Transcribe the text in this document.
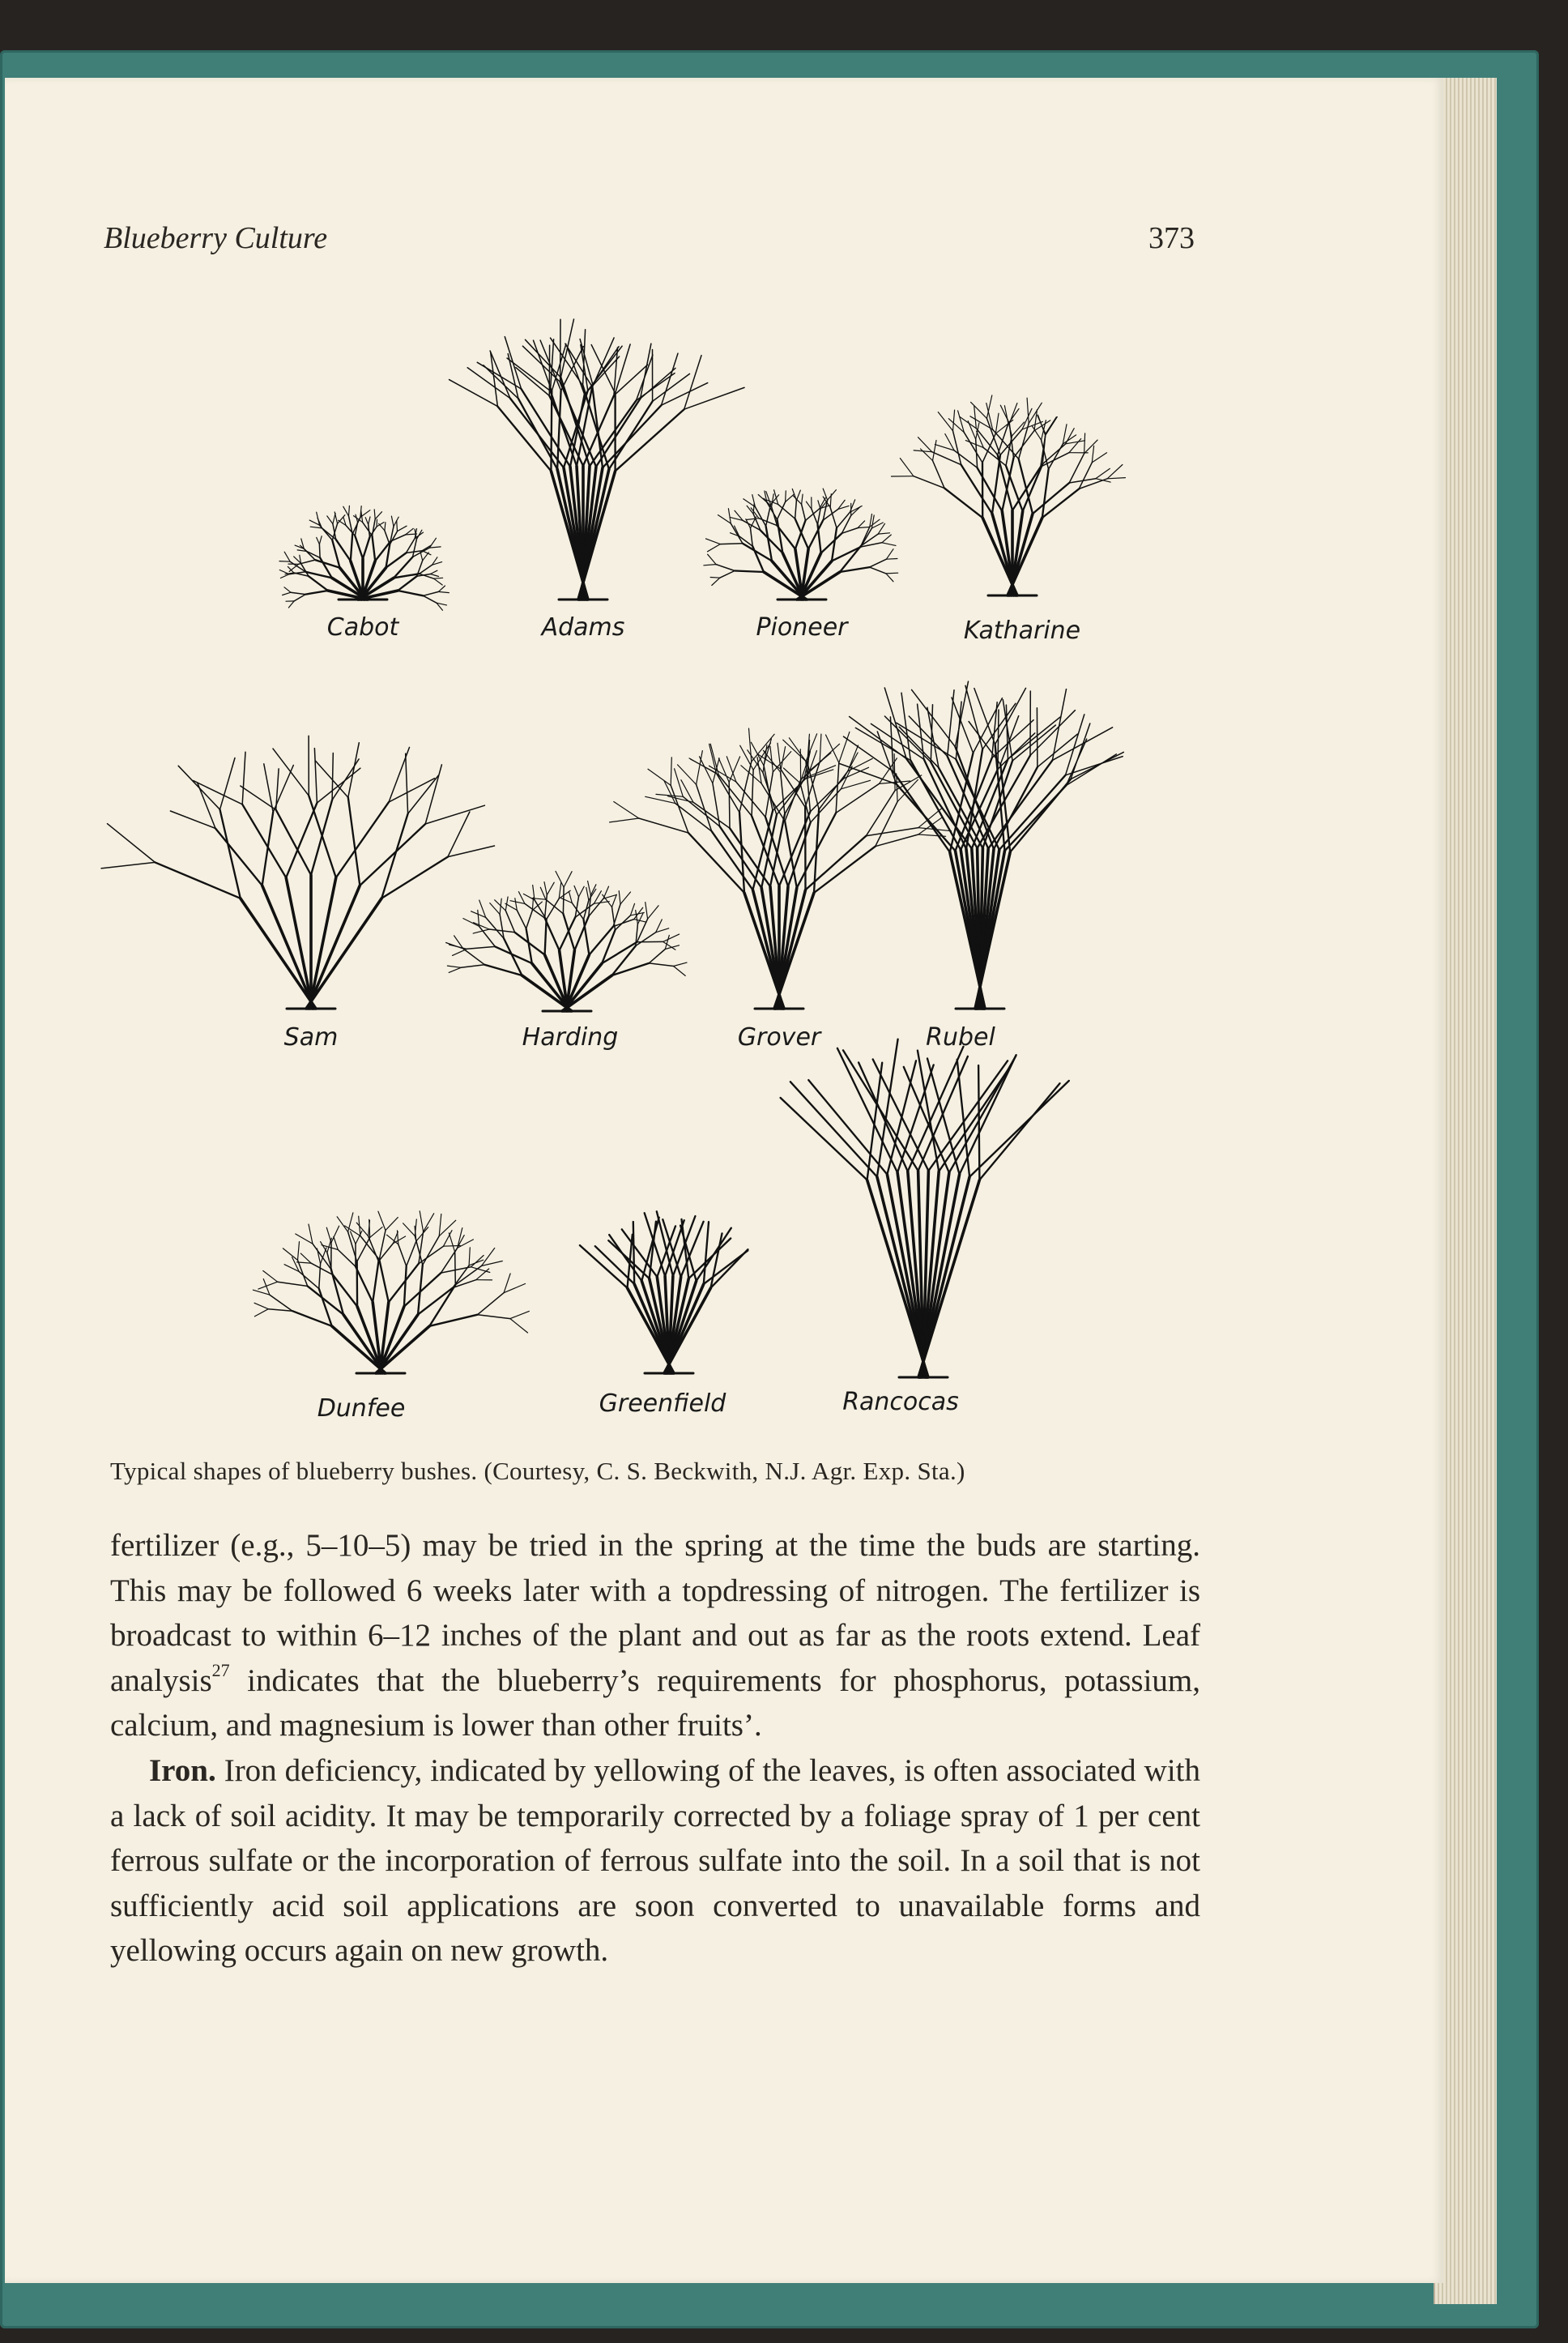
Blueberry Culture	373
Cabot	Adams	Pioneer	Katharine
Sam	Harding	Grover	Rubel
Dunfee	Greenfield	Rancocas
Typical shapes of blueberry bushes. (Courtesy, C. S. Beckwith, N.J. Agr. Exp. Sta.)

fertilizer (e.g., 5–10–5) may be tried in the spring at the time the buds are starting. This may be followed 6 weeks later with a topdressing of nitrogen. The fertilizer is broadcast to within 6–12 inches of the plant and out as far as the roots extend. Leaf analysis$^{27}$ indicates that the blueberry’s requirements for phosphorus, potassium, calcium, and magnesium is lower than other fruits’.

Iron. Iron deficiency, indicated by yellowing of the leaves, is often associated with a lack of soil acidity. It may be temporarily corrected by a foliage spray of 1 per cent ferrous sulfate or the incorporation of ferrous sulfate into the soil. In a soil that is not sufficiently acid soil applications are soon converted to unavailable forms and yellowing occurs again on new growth.
